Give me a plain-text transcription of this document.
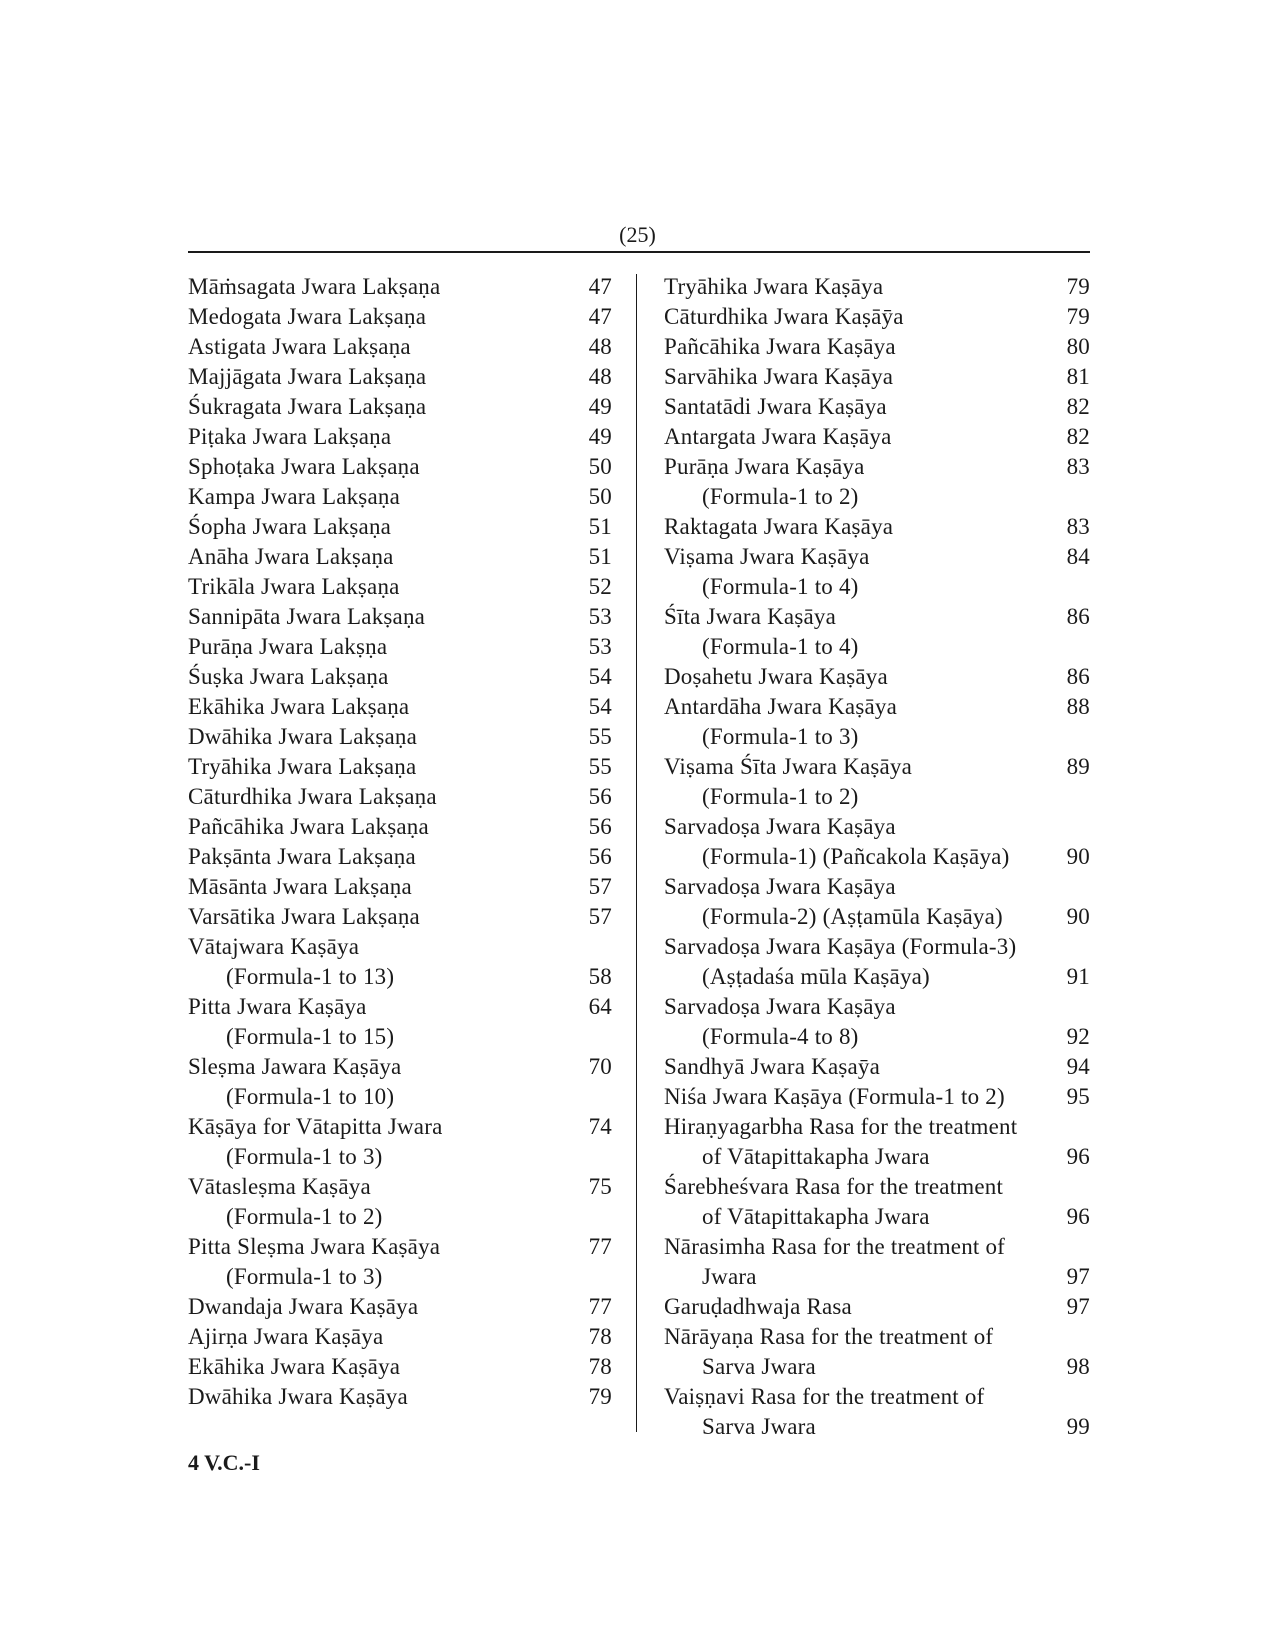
(25)
Māṁsagata Jwara Lakṣaṇa	47
Medogata Jwara Lakṣaṇa	47
Astigata Jwara Lakṣaṇa	48
Majjāgata Jwara Lakṣaṇa	48
Śukragata Jwara Lakṣaṇa	49
Piṭaka Jwara Lakṣaṇa	49
Sphoṭaka Jwara Lakṣaṇa	50
Kampa Jwara Lakṣaṇa	50
Śopha Jwara Lakṣaṇa	51
Anāha Jwara Lakṣaṇa	51
Trikāla Jwara Lakṣaṇa	52
Sannipāta Jwara Lakṣaṇa	53
Purāṇa Jwara Lakṣṇa	53
Śuṣka Jwara Lakṣaṇa	54
Ekāhika Jwara Lakṣaṇa	54
Dwāhika Jwara Lakṣaṇa	55
Tryāhika Jwara Lakṣaṇa	55
Cāturdhika Jwara Lakṣaṇa	56
Pañcāhika Jwara Lakṣaṇa	56
Pakṣānta Jwara Lakṣaṇa	56
Māsānta Jwara Lakṣaṇa	57
Varsātika Jwara Lakṣaṇa	57
Vātajwara Kaṣāya
(Formula-1 to 13)	58
Pitta Jwara Kaṣāya	64
(Formula-1 to 15)
Sleṣma Jawara Kaṣāya	70
(Formula-1 to 10)
Kāṣāya for Vātapitta Jwara	74
(Formula-1 to 3)
Vātasleṣma Kaṣāya	75
(Formula-1 to 2)
Pitta Sleṣma Jwara Kaṣāya	77
(Formula-1 to 3)
Dwandaja Jwara Kaṣāya	77
Ajirṇa Jwara Kaṣāya	78
Ekāhika Jwara Kaṣāya	78
Dwāhika Jwara Kaṣāya	79
Tryāhika Jwara Kaṣāya	79
Cāturdhika Jwara Kaṣāȳa	79
Pañcāhika Jwara Kaṣāya	80
Sarvāhika Jwara Kaṣāya	81
Santatādi Jwara Kaṣāya	82
Antargata Jwara Kaṣāya	82
Purāṇa Jwara Kaṣāya	83
(Formula-1 to 2)
Raktagata Jwara Kaṣāya	83
Viṣama Jwara Kaṣāya	84
(Formula-1 to 4)
Śīta Jwara Kaṣāya	86
(Formula-1 to 4)
Doṣahetu Jwara Kaṣāya	86
Antardāha Jwara Kaṣāya	88
(Formula-1 to 3)
Viṣama Śīta Jwara Kaṣāya	89
(Formula-1 to 2)
Sarvadoṣa Jwara Kaṣāya
(Formula-1) (Pañcakola Kaṣāya) 90
Sarvadoṣa Jwara Kaṣāya
(Formula-2) (Aṣṭamūla Kaṣāya)	90
Sarvadoṣa Jwara Kaṣāya (Formula-3)
(Aṣṭadaśa mūla Kaṣāya)	91
Sarvadoṣa Jwara Kaṣāya
(Formula-4 to 8)	92
Sandhyā Jwara Kaṣaȳa	94
Niśa Jwara Kaṣāya (Formula-1 to 2)	95
Hiraṇyagarbha Rasa for the treatment
of Vātapittakapha Jwara	96
Śarebheśvara Rasa for the treatment
of Vātapittakapha Jwara	96
Nārasimha Rasa for the treatment of
Jwara	97
Garuḍadhwaja Rasa	97
Nārāyaṇa Rasa for the treatment of
Sarva Jwara	98
Vaiṣṇavi Rasa for the treatment of
Sarva Jwara	99
4 V.C.-I
